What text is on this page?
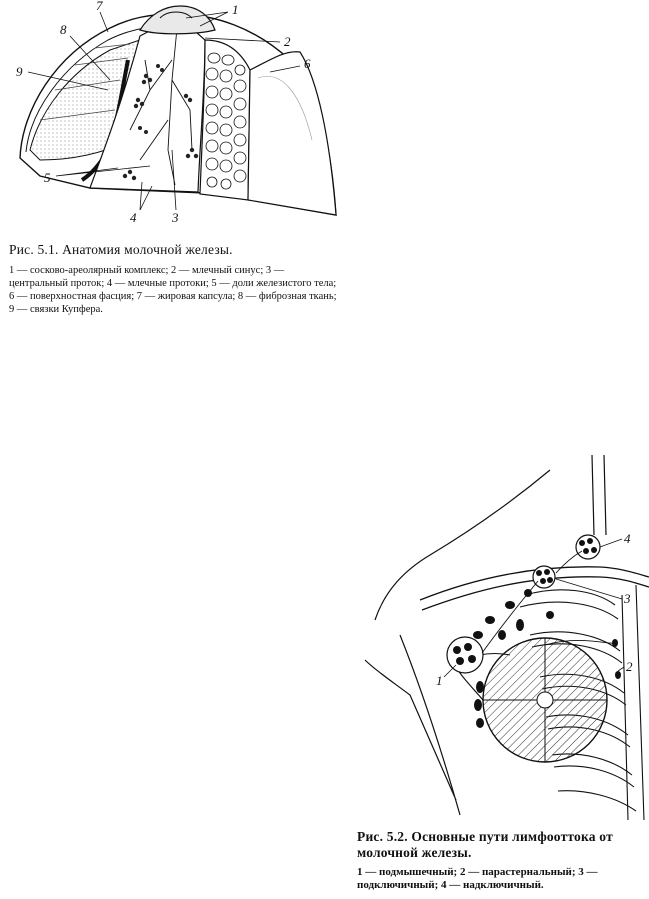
1
2
3
4
5
6
7
8
9
Рис. 5.1. Анатомия молочной железы.
1 — сосково-ареолярный комплекс; 2 — млечный синус; 3 — центральный проток; 4 — млечные протоки; 5 — доли железистого тела; 6 — поверхностная фасция; 7 — жировая капсула; 8 — фиброзная ткань; 9 — связки Купфера.
1
2
3
4
Рис. 5.2. Основные пути лимфооттока от молочной железы.
1 — подмышечный; 2 — парастернальный; 3 — подключичный; 4 — надключичный.
